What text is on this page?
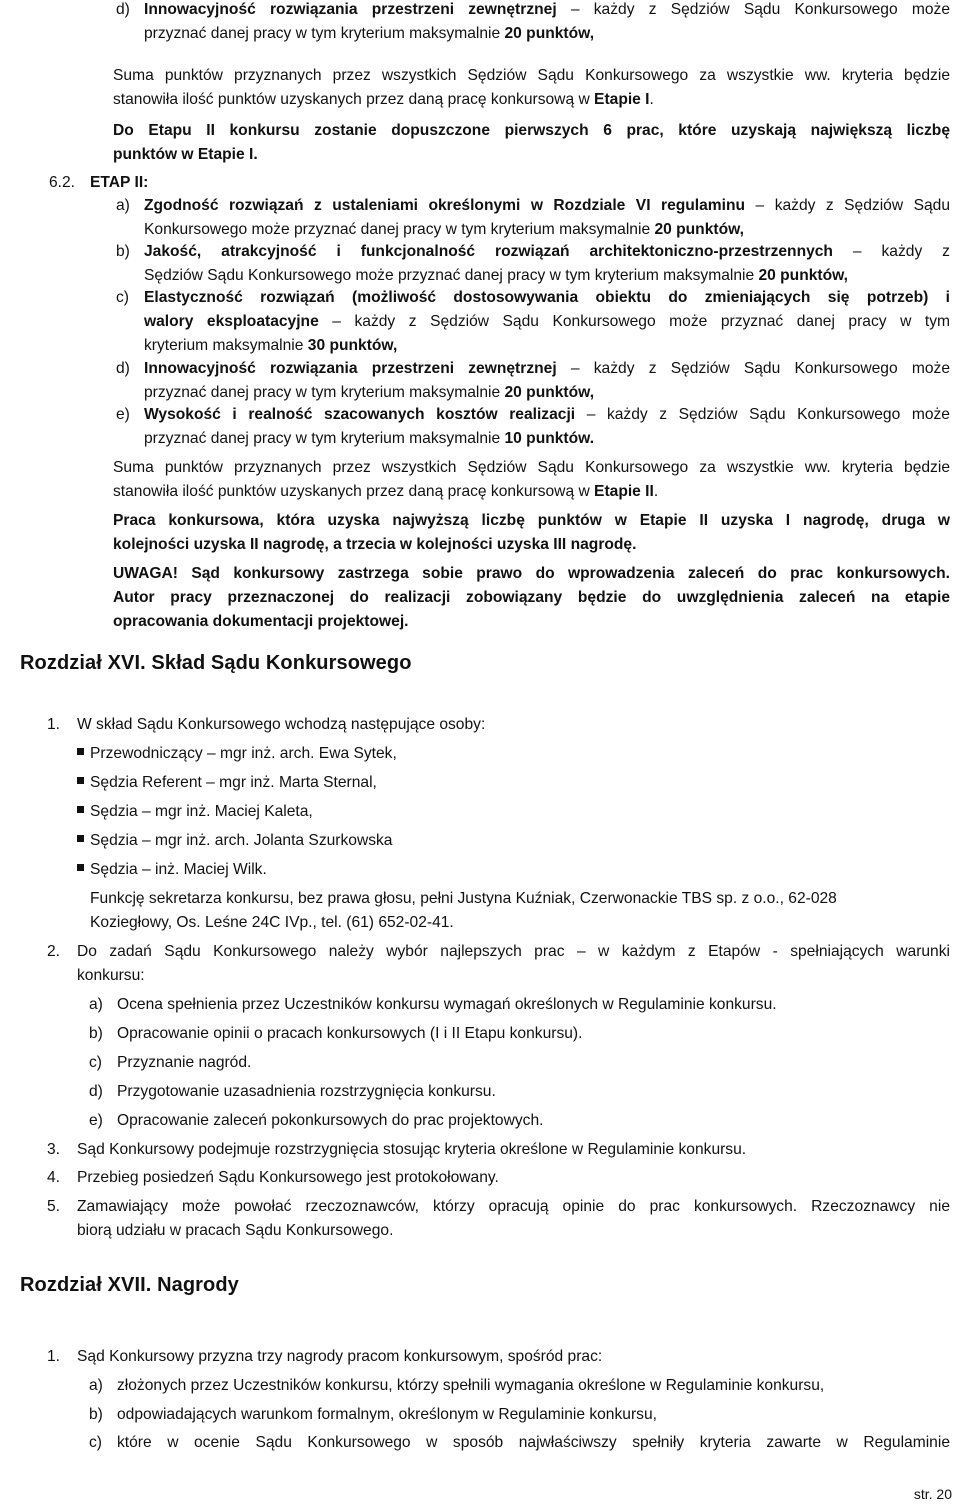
d) Innowacyjność rozwiązania przestrzeni zewnętrznej – każdy z Sędziów Sądu Konkursowego może
przyznać danej pracy w tym kryterium maksymalnie 20 punktów,
Suma punktów przyznanych przez wszystkich Sędziów Sądu Konkursowego za wszystkie ww. kryteria będzie
stanowiła ilość punktów uzyskanych przez daną pracę konkursową w Etapie I.
Do Etapu II konkursu zostanie dopuszczone pierwszych 6 prac, które uzyskają największą liczbę
punktów w Etapie I.
6.2. ETAP II:
a) Zgodność rozwiązań z ustaleniami określonymi w Rozdziale VI regulaminu – każdy z Sędziów Sądu
Konkursowego może przyznać danej pracy w tym kryterium maksymalnie 20 punktów,
b) Jakość, atrakcyjność i funkcjonalność rozwiązań architektoniczno-przestrzennych – każdy z
Sędziów Sądu Konkursowego może przyznać danej pracy w tym kryterium maksymalnie 20 punktów,
c) Elastyczność rozwiązań (możliwość dostosowywania obiektu do zmieniających się potrzeb) i
walory eksploatacyjne – każdy z Sędziów Sądu Konkursowego może przyznać danej pracy w tym
kryterium maksymalnie 30 punktów,
d) Innowacyjność rozwiązania przestrzeni zewnętrznej – każdy z Sędziów Sądu Konkursowego może
przyznać danej pracy w tym kryterium maksymalnie 20 punktów,
e) Wysokość i realność szacowanych kosztów realizacji – każdy z Sędziów Sądu Konkursowego może
przyznać danej pracy w tym kryterium maksymalnie 10 punktów.
Suma punktów przyznanych przez wszystkich Sędziów Sądu Konkursowego za wszystkie ww. kryteria będzie
stanowiła ilość punktów uzyskanych przez daną pracę konkursową w Etapie II.
Praca konkursowa, która uzyska najwyższą liczbę punktów w Etapie II uzyska I nagrodę, druga w
kolejności uzyska II nagrodę, a trzecia w kolejności uzyska III nagrodę.
UWAGA! Sąd konkursowy zastrzega sobie prawo do wprowadzenia zaleceń do prac konkursowych.
Autor pracy przeznaczonej do realizacji zobowiązany będzie do uwzględnienia zaleceń na etapie
opracowania dokumentacji projektowej.
Rozdział XVI. Skład Sądu Konkursowego
1. W skład Sądu Konkursowego wchodzą następujące osoby:
Przewodniczący – mgr inż. arch. Ewa Sytek,
Sędzia Referent – mgr inż. Marta Sternal,
Sędzia – mgr inż. Maciej Kaleta,
Sędzia – mgr inż. arch. Jolanta Szurkowska
Sędzia – inż. Maciej Wilk.
Funkcję sekretarza konkursu, bez prawa głosu, pełni Justyna Kuźniak, Czerwonackie TBS sp. z o.o., 62-028
Koziegłowy, Os. Leśne 24C IVp., tel. (61) 652-02-41.
2. Do zadań Sądu Konkursowego należy wybór najlepszych prac – w każdym z Etapów - spełniających warunki
konkursu:
a) Ocena spełnienia przez Uczestników konkursu wymagań określonych w Regulaminie konkursu.
b) Opracowanie opinii o pracach konkursowych (I i II Etapu konkursu).
c) Przyznanie nagród.
d) Przygotowanie uzasadnienia rozstrzygnięcia konkursu.
e) Opracowanie zaleceń pokonkursowych do prac projektowych.
3. Sąd Konkursowy podejmuje rozstrzygnięcia stosując kryteria określone w Regulaminie konkursu.
4. Przebieg posiedzeń Sądu Konkursowego jest protokołowany.
5. Zamawiający może powołać rzeczoznawców, którzy opracują opinie do prac konkursowych. Rzeczoznawcy nie
biorą udziału w pracach Sądu Konkursowego.
Rozdział XVII. Nagrody
1. Sąd Konkursowy przyzna trzy nagrody pracom konkursowym, spośród prac:
a) złożonych przez Uczestników konkursu, którzy spełnili wymagania określone w Regulaminie konkursu,
b) odpowiadających warunkom formalnym, określonym w Regulaminie konkursu,
c) które w ocenie Sądu Konkursowego w sposób najwłaściwszy spełniły kryteria zawarte w Regulaminie
str. 20
